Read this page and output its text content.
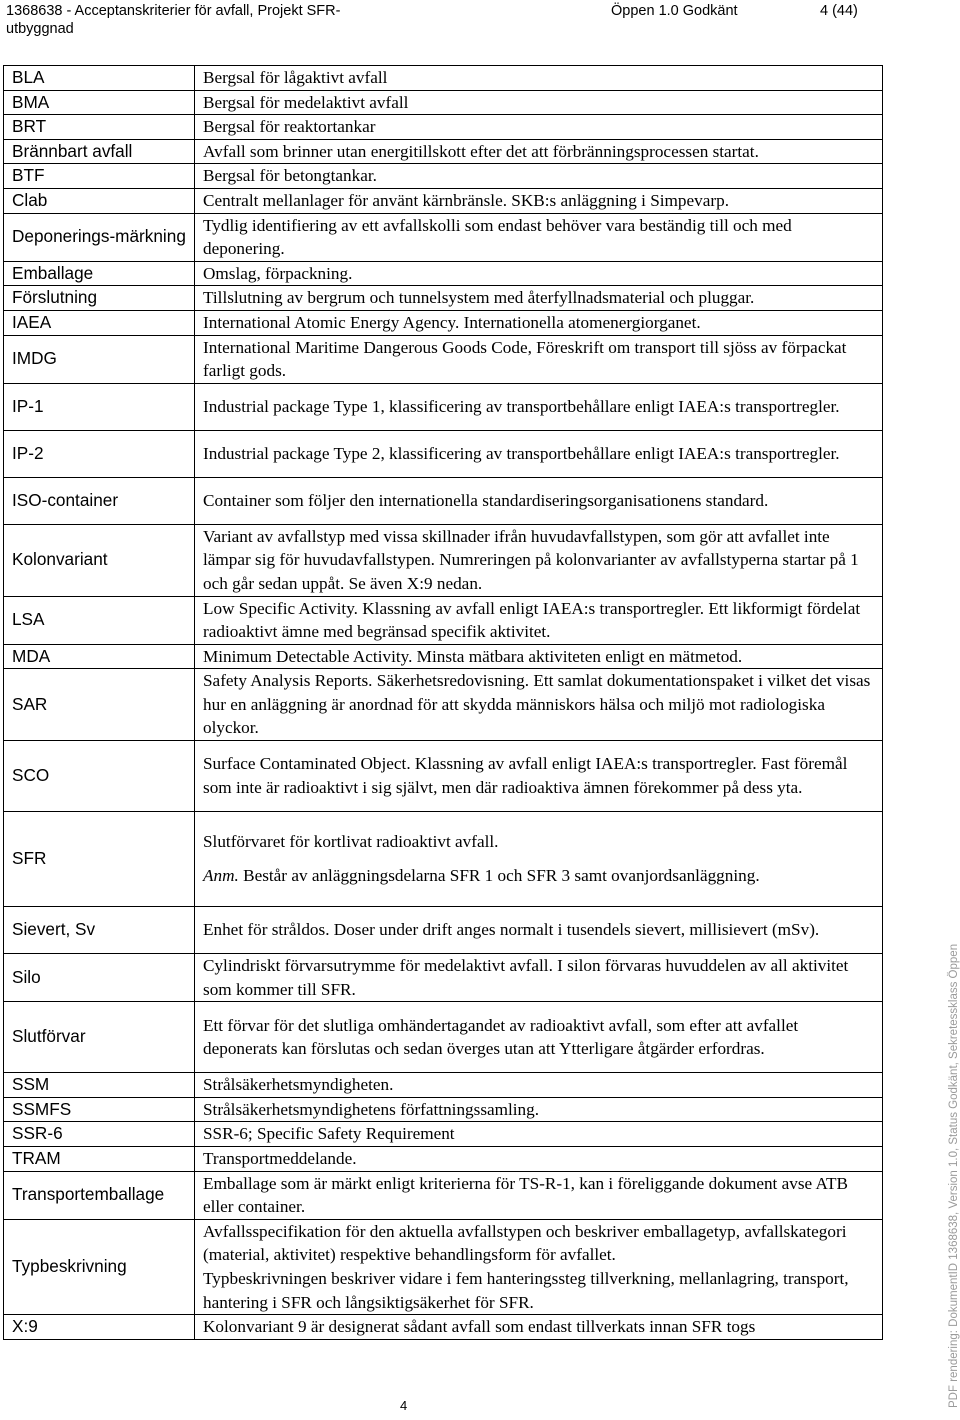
1368638 - Acceptanskriterier för avfall, Projekt SFR-utbyggnad
Öppen 1.0 Godkänt	4 (44)
BLA	Bergsal för lågaktivt avfall

BMA	Bergsal för medelaktivt avfall

BRT	Bergsal för reaktortankar

Brännbart avfall	Avfall som brinner utan energitillskott efter det att förbränningsprocessen startat.

BTF	Bergsal för betongtankar.

Clab	Centralt mellanlager för använt kärnbränsle. SKB:s anläggning i Simpevarp.

Deponerings-märkning	Tydlig identifiering av ett avfallskolli som endast behöver vara beständig till och med deponering.

Emballage	Omslag, förpackning.

Förslutning	Tillslutning av bergrum och tunnelsystem med återfyllnadsmaterial och pluggar.

IAEA	International Atomic Energy Agency. Internationella atomenergiorganet.

IMDG	International Maritime Dangerous Goods Code, Föreskrift om transport till sjöss av förpackat farligt gods.

IP-1	Industrial package Type 1, klassificering av transportbehållare enligt IAEA:s transportregler.

IP-2	Industrial package Type 2, klassificering av transportbehållare enligt IAEA:s transportregler.

ISO-container	Container som följer den internationella standardiseringsorganisationens standard.

Kolonvariant	Variant av avfallstyp med vissa skillnader ifrån huvudavfallstypen, som gör att avfallet inte lämpar sig för huvudavfallstypen. Numreringen på kolonvarianter av avfallstyperna startar på 1 och går sedan uppåt. Se även X:9 nedan.

LSA	Low Specific Activity. Klassning av avfall enligt IAEA:s transportregler. Ett likformigt fördelat radioaktivt ämne med begränsad specifik aktivitet.

MDA	Minimum Detectable Activity. Minsta mätbara aktiviteten enligt en mätmetod.

SAR	Safety Analysis Reports. Säkerhetsredovisning. Ett samlat dokumentationspaket i vilket det visas hur en anläggning är anordnad för att skydda människors hälsa och miljö mot radiologiska olyckor.

SCO	Surface Contaminated Object. Klassning av avfall enligt IAEA:s transportregler. Fast föremål som inte är radioaktivt i sig självt, men där radioaktiva ämnen förekommer på dess yta.

SFR	Slutförvaret för kortlivat radioaktivt avfall.
Anm. Består av anläggningsdelarna SFR 1 och SFR 3 samt ovanjordsanläggning.

Sievert, Sv	Enhet för stråldos. Doser under drift anges normalt i tusendels sievert, millisievert (mSv).

Silo	Cylindriskt förvarsutrymme för medelaktivt avfall. I silon förvaras huvuddelen av all aktivitet som kommer till SFR.

Slutförvar	Ett förvar för det slutliga omhändertagandet av radioaktivt avfall, som efter att avfallet deponerats kan förslutas och sedan överges utan att Ytterligare åtgärder erfordras.

SSM	Strålsäkerhetsmyndigheten.

SSMFS	Strålsäkerhetsmyndighetens författningssamling.

SSR-6	SSR-6; Specific Safety Requirement

TRAM	Transportmeddelande.

Transportemballage	Emballage som är märkt enligt kriterierna för TS-R-1, kan i föreliggande dokument avse ATB eller container.

Typbeskrivning	Avfallsspecifikation för den aktuella avfallstypen och beskriver emballagetyp, avfallskategori (material, aktivitet) respektive behandlingsform för avfallet.
Typbeskrivningen beskriver vidare i fem hanteringssteg tillverkning, mellanlagring, transport, hantering i SFR och långsiktigsäkerhet för SFR.

X:9	Kolonvariant 9 är designerat sådant avfall som endast tillverkats innan SFR togs
4	PDF rendering: DokumentID 1368638, Version 1.0, Status Godkänt, Sekretessklass Öppen
